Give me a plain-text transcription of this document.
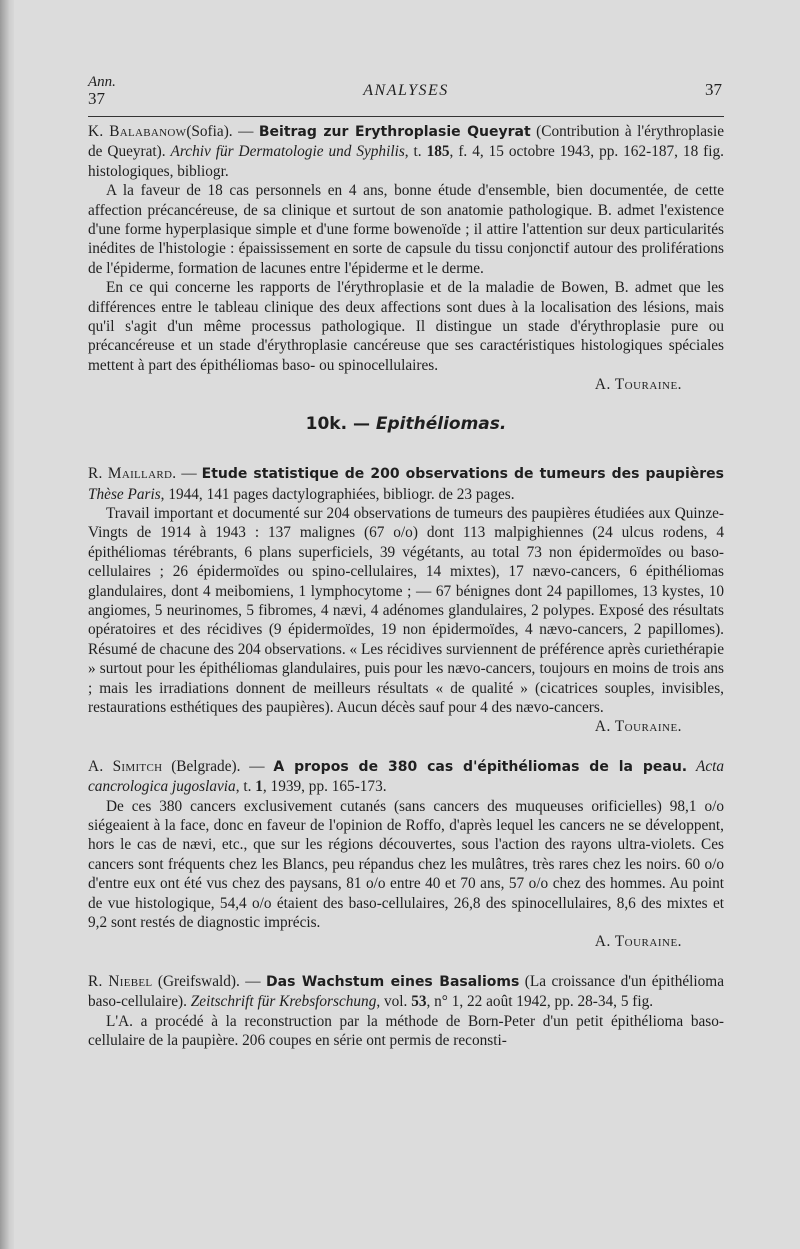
Ann.
37	ANALYSES	37
K. Balabanow(Sofia). — Beitrag zur Erythroplasie Queyrat (Contribution à l'érythroplasie de Queyrat). Archiv für Dermatologie und Syphilis, t. 185, f. 4, 15 octobre 1943, pp. 162-187, 18 fig. histologiques, bibliogr.

A la faveur de 18 cas personnels en 4 ans, bonne étude d'ensemble, bien documentée, de cette affection précancéreuse, de sa clinique et surtout de son anatomie pathologique. B. admet l'existence d'une forme hyperplasique simple et d'une forme bowenoïde ; il attire l'attention sur deux particularités inédites de l'histologie : épaississement en sorte de capsule du tissu conjonctif autour des proliférations de l'épiderme, formation de lacunes entre l'épiderme et le derme.

En ce qui concerne les rapports de l'érythroplasie et de la maladie de Bowen, B. admet que les différences entre le tableau clinique des deux affections sont dues à la localisation des lésions, mais qu'il s'agit d'un même processus pathologique. Il distingue un stade d'érythroplasie pure ou précancéreuse et un stade d'érythroplasie cancéreuse que ses caractéristiques histologiques spéciales mettent à part des épithéliomas baso- ou spinocellulaires.

A. Touraine.
10k. — Epithéliomas.
R. Maillard. — Etude statistique de 200 observations de tumeurs des paupières Thèse Paris, 1944, 141 pages dactylographiées, bibliogr. de 23 pages.

Travail important et documenté sur 204 observations de tumeurs des paupières étudiées aux Quinze-Vingts de 1914 à 1943 : 137 malignes (67 o/o) dont 113 malpighiennes (24 ulcus rodens, 4 épithéliomas térébrants, 6 plans superficiels, 39 végétants, au total 73 non épidermoïdes ou baso-cellulaires ; 26 épidermoïdes ou spino-cellulaires, 14 mixtes), 17 nævo-cancers, 6 épithéliomas glandulaires, dont 4 meibomiens, 1 lymphocytome ; — 67 bénignes dont 24 papillomes, 13 kystes, 10 angiomes, 5 neurinomes, 5 fibromes, 4 nævi, 4 adénomes glandulaires, 2 polypes. Exposé des résultats opératoires et des récidives (9 épidermoïdes, 19 non épidermoïdes, 4 nævo-cancers, 2 papillomes). Résumé de chacune des 204 observations. « Les récidives surviennent de préférence après curiethérapie » surtout pour les épithéliomas glandulaires, puis pour les nævo-cancers, toujours en moins de trois ans ; mais les irradiations donnent de meilleurs résultats « de qualité » (cicatrices souples, invisibles, restaurations esthétiques des paupières). Aucun décès sauf pour 4 des nævo-cancers.

A. Touraine.
A. Simitch (Belgrade). — A propos de 380 cas d'épithéliomas de la peau. Acta cancrologica jugoslavia, t. 1, 1939, pp. 165-173.

De ces 380 cancers exclusivement cutanés (sans cancers des muqueuses orificielles) 98,1 o/o siégeaient à la face, donc en faveur de l'opinion de Roffo, d'après lequel les cancers ne se développent, hors le cas de nævi, etc., que sur les régions découvertes, sous l'action des rayons ultra-violets. Ces cancers sont fréquents chez les Blancs, peu répandus chez les mulâtres, très rares chez les noirs. 60 o/o d'entre eux ont été vus chez des paysans, 81 o/o entre 40 et 70 ans, 57 o/o chez des hommes. Au point de vue histologique, 54,4 o/o étaient des baso-cellulaires, 26,8 des spinocellulaires, 8,6 des mixtes et 9,2 sont restés de diagnostic imprécis.

A. Touraine.
R. Niebel (Greifswald). — Das Wachstum eines Basalioms (La croissance d'un épithélioma baso-cellulaire). Zeitschrift für Krebsforschung, vol. 53, n° 1, 22 août 1942, pp. 28-34, 5 fig.

L'A. a procédé à la reconstruction par la méthode de Born-Peter d'un petit épithélioma baso-cellulaire de la paupière. 206 coupes en série ont permis de reconsti-
